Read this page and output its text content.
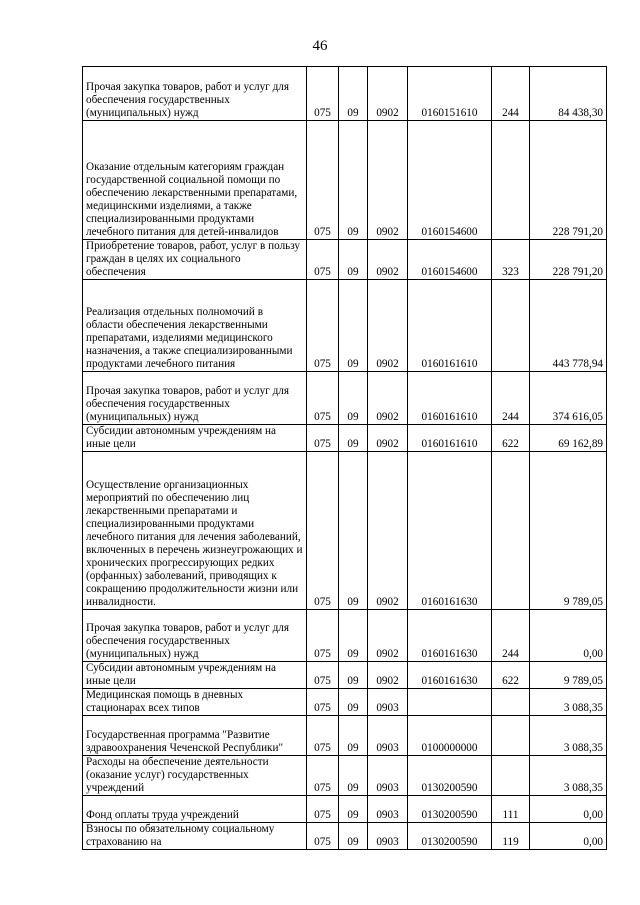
46
Прочая закупка товаров, работ и услуг для обеспечения государственных (муниципальных) нужд	075	09	0902	0160151610	244	84 438,30
Оказание отдельным категориям граждан государственной социальной помощи по обеспечению лекарственными препаратами, медицинскими изделиями, а также специализированными продуктами лечебного питания для детей-инвалидов	075	09	0902	0160154600		228 791,20
Приобретение товаров, работ, услуг в пользу граждан в целях их социального обеспечения	075	09	0902	0160154600	323	228 791,20
Реализация отдельных полномочий в области обеспечения лекарственными препаратами, изделиями медицинского назначения, а также специализированными продуктами лечебного питания	075	09	0902	0160161610		443 778,94
Прочая закупка товаров, работ и услуг для обеспечения государственных (муниципальных) нужд	075	09	0902	0160161610	244	374 616,05
Субсидии автономным учреждениям на иные цели	075	09	0902	0160161610	622	69 162,89
Осуществление организационных мероприятий по обеспечению лиц лекарственными препаратами и специализированными продуктами лечебного питания для лечения заболеваний, включенных в перечень жизнеугрожающих и хронических прогрессирующих редких (орфанных) заболеваний, приводящих к сокращению продолжительности жизни или инвалидности.	075	09	0902	0160161630		9 789,05
Прочая закупка товаров, работ и услуг для обеспечения государственных (муниципальных) нужд	075	09	0902	0160161630	244	0,00
Субсидии автономным учреждениям на иные цели	075	09	0902	0160161630	622	9 789,05
Медицинская помощь в дневных стационарах всех типов	075	09	0903			3 088,35
Государственная программа "Развитие здравоохранения Чеченской Республики"	075	09	0903	0100000000		3 088,35
Расходы на обеспечение деятельности (оказание услуг) государственных учреждений	075	09	0903	0130200590		3 088,35
Фонд оплаты труда учреждений	075	09	0903	0130200590	111	0,00
Взносы по обязательному социальному страхованию на	075	09	0903	0130200590	119	0,00
